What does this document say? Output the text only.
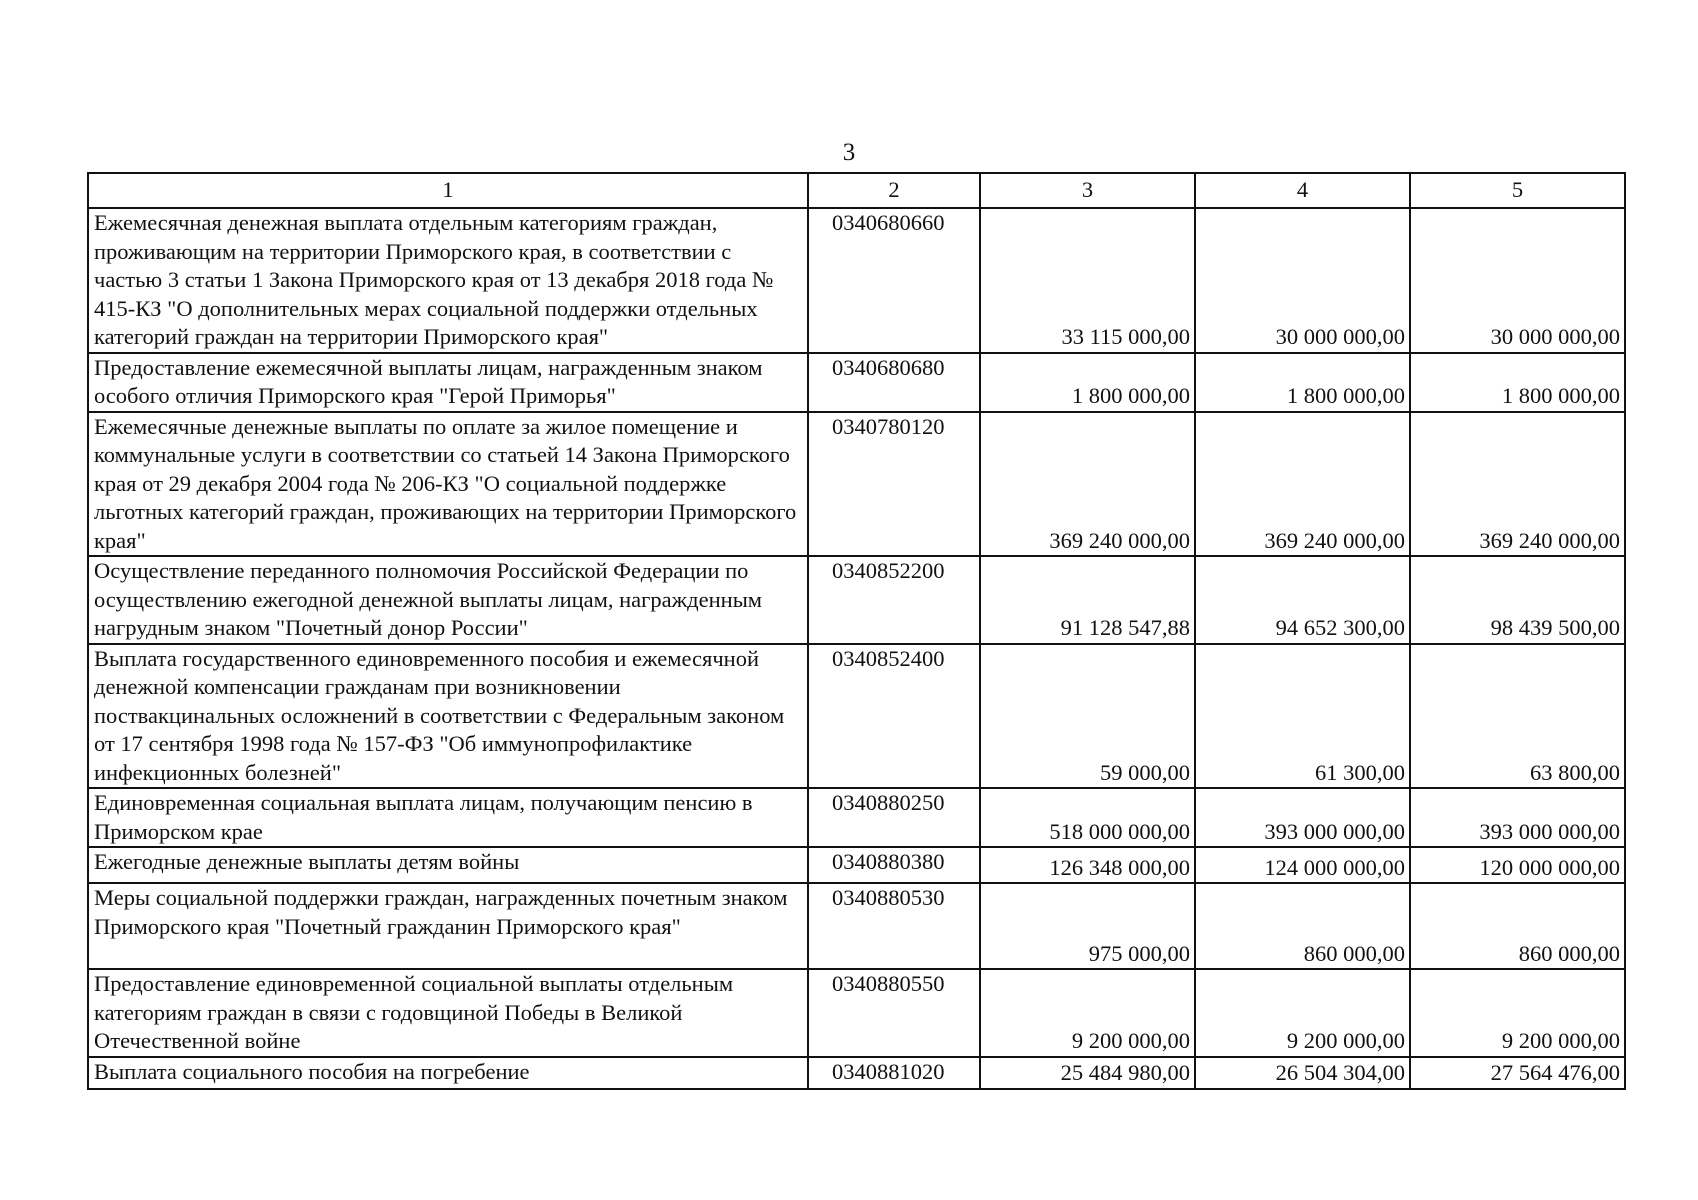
3
1	2	3	4	5
Ежемесячная денежная выплата отдельным категориям граждан, проживающим на территории Приморского края, в соответствии с частью 3 статьи 1 Закона Приморского края от 13 декабря 2018 года № 415-КЗ "О дополнительных мерах социальной поддержки отдельных категорий граждан на территории Приморского края"	0340680660	33 115 000,00	30 000 000,00	30 000 000,00
Предоставление ежемесячной выплаты лицам, награжденным знаком особого отличия Приморского края "Герой Приморья"	0340680680	1 800 000,00	1 800 000,00	1 800 000,00
Ежемесячные денежные выплаты по оплате за жилое помещение и коммунальные услуги в соответствии со статьей 14 Закона Приморского края от 29 декабря 2004 года № 206-КЗ "О социальной поддержке льготных категорий граждан, проживающих на территории Приморского края"	0340780120	369 240 000,00	369 240 000,00	369 240 000,00
Осуществление переданного полномочия Российской Федерации по осуществлению ежегодной денежной выплаты лицам, награжденным нагрудным знаком "Почетный донор России"	0340852200	91 128 547,88	94 652 300,00	98 439 500,00
Выплата государственного единовременного пособия и ежемесячной денежной компенсации гражданам при возникновении поствакцинальных осложнений в соответствии с Федеральным законом от 17 сентября 1998 года № 157-ФЗ "Об иммунопрофилактике инфекционных болезней"	0340852400	59 000,00	61 300,00	63 800,00
Единовременная социальная выплата лицам, получающим пенсию в Приморском крае	0340880250	518 000 000,00	393 000 000,00	393 000 000,00
Ежегодные денежные выплаты детям войны	0340880380	126 348 000,00	124 000 000,00	120 000 000,00
Меры социальной поддержки граждан, награжденных почетным знаком Приморского края "Почетный гражданин Приморского края"	0340880530	975 000,00	860 000,00	860 000,00
Предоставление единовременной социальной выплаты отдельным категориям граждан в связи с годовщиной Победы в Великой Отечественной войне	0340880550	9 200 000,00	9 200 000,00	9 200 000,00
Выплата социального пособия на погребение	0340881020	25 484 980,00	26 504 304,00	27 564 476,00
